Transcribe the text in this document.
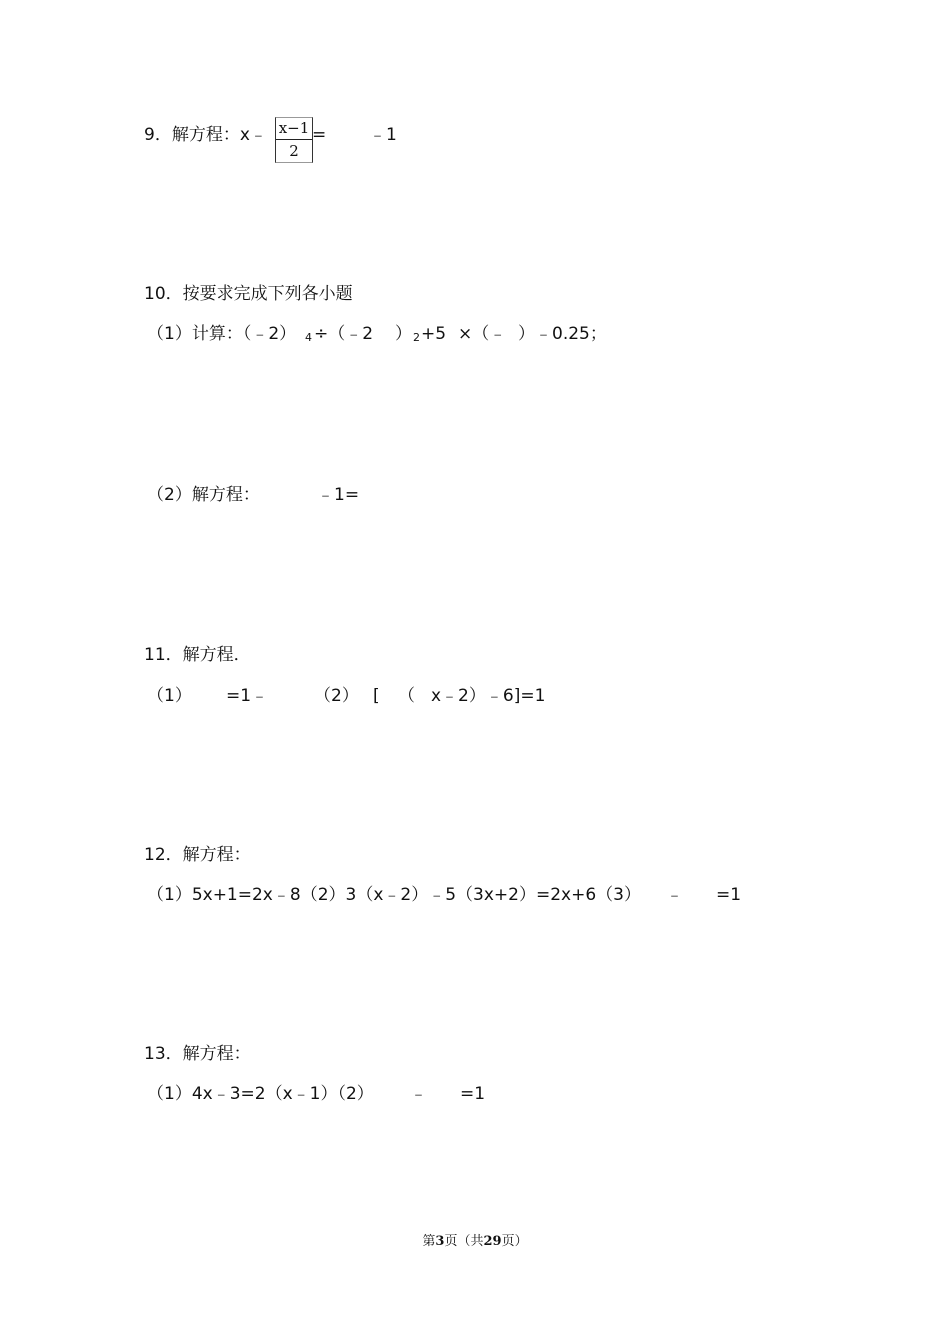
9．解方程：x﹣ $\frac{x-1}{2}$ =	﹣1
10．按要求完成下列各小题
（1）计算：（﹣2） 4 ÷（﹣2 ） 2 +5 ×（﹣ ）﹣0.25；
（2）解方程：	﹣1=
11．解方程．
（1） =1﹣	（2） [ （ x﹣2）﹣6]=1
12．解方程：
（1）5x+1=2x﹣8（2）3（x﹣2）﹣5（3x+2）=2x+6（3） ﹣ =1
13．解方程：
（1）4x﹣3=2（x﹣1）（2） ﹣ =1
第3页（共29页）
